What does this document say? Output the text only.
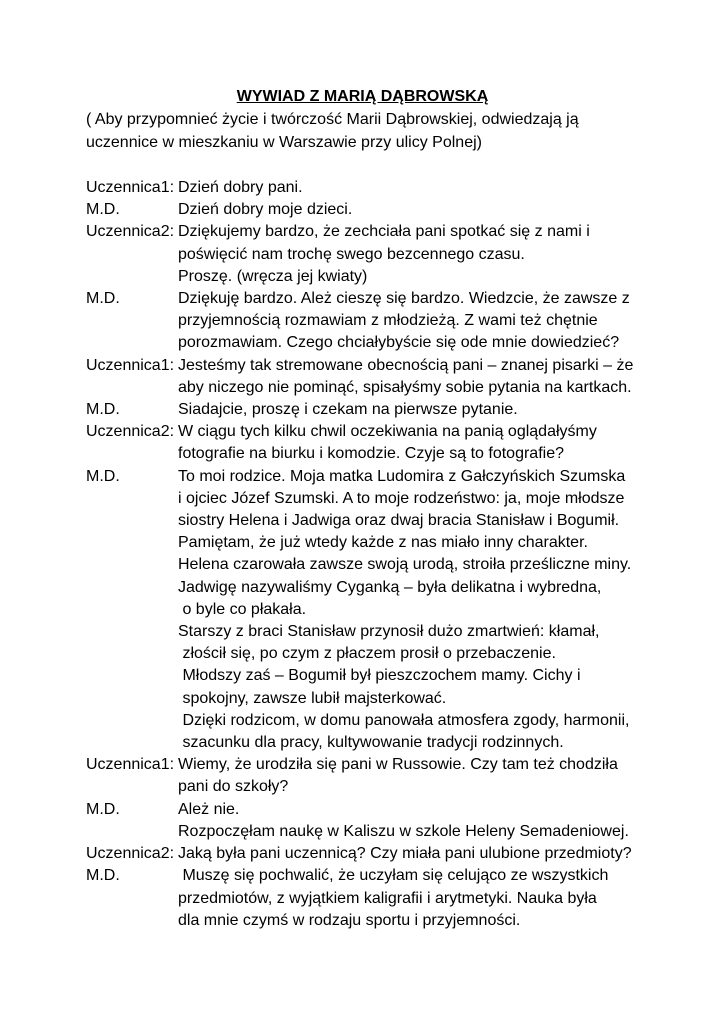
WYWIAD Z MARIĄ DĄBROWSKĄ
( Aby przypomnieć życie i twórczość Marii Dąbrowskiej, odwiedzają ją
uczennice w mieszkaniu w Warszawie przy ulicy Polnej)
Uczennica1: Dzień dobry pani.
M.D.	Dzień dobry moje dzieci.
Uczennica2: Dziękujemy bardzo, że zechciała pani spotkać się z nami i
poświęcić nam trochę swego bezcennego czasu.
Proszę. (wręcza jej kwiaty)
M.D.	Dziękuję bardzo. Ależ cieszę się bardzo. Wiedzcie, że zawsze z
przyjemnością rozmawiam z młodzieżą. Z wami też chętnie
porozmawiam. Czego chciałybyście się ode mnie dowiedzieć?
Uczennica1: Jesteśmy tak stremowane obecnością pani – znanej pisarki – że
aby niczego nie pominąć, spisałyśmy sobie pytania na kartkach.
M.D.	Siadajcie, proszę i czekam na pierwsze pytanie.
Uczennica2: W ciągu tych kilku chwil oczekiwania na panią oglądałyśmy
fotografie na biurku i komodzie. Czyje są to fotografie?
M.D.	To moi rodzice. Moja matka Ludomira z Gałczyńskich Szumska
i ojciec Józef Szumski. A to moje rodzeństwo: ja, moje młodsze
siostry Helena i Jadwiga oraz dwaj bracia Stanisław i Bogumił.
Pamiętam, że już wtedy każde z nas miało inny charakter.
Helena czarowała zawsze swoją urodą, stroiła prześliczne miny.
Jadwigę nazywaliśmy Cyganką – była delikatna i wybredna,
o byle co płakała.
Starszy z braci Stanisław przynosił dużo zmartwień: kłamał,
złościł się, po czym z płaczem prosił o przebaczenie.
Młodszy zaś – Bogumił był pieszczochem mamy. Cichy i
spokojny, zawsze lubił majsterkować.
Dzięki rodzicom, w domu panowała atmosfera zgody, harmonii,
szacunku dla pracy, kultywowanie tradycji rodzinnych.
Uczennica1: Wiemy, że urodziła się pani w Russowie. Czy tam też chodziła
pani do szkoły?
M.D.	Ależ nie.
Rozpoczęłam naukę w Kaliszu w szkole Heleny Semadeniowej.
Uczennica2: Jaką była pani uczennicą? Czy miała pani ulubione przedmioty?
M.D.	Muszę się pochwalić, że uczyłam się celująco ze wszystkich
przedmiotów, z wyjątkiem kaligrafii i arytmetyki. Nauka była
dla mnie czymś w rodzaju sportu i przyjemności.
